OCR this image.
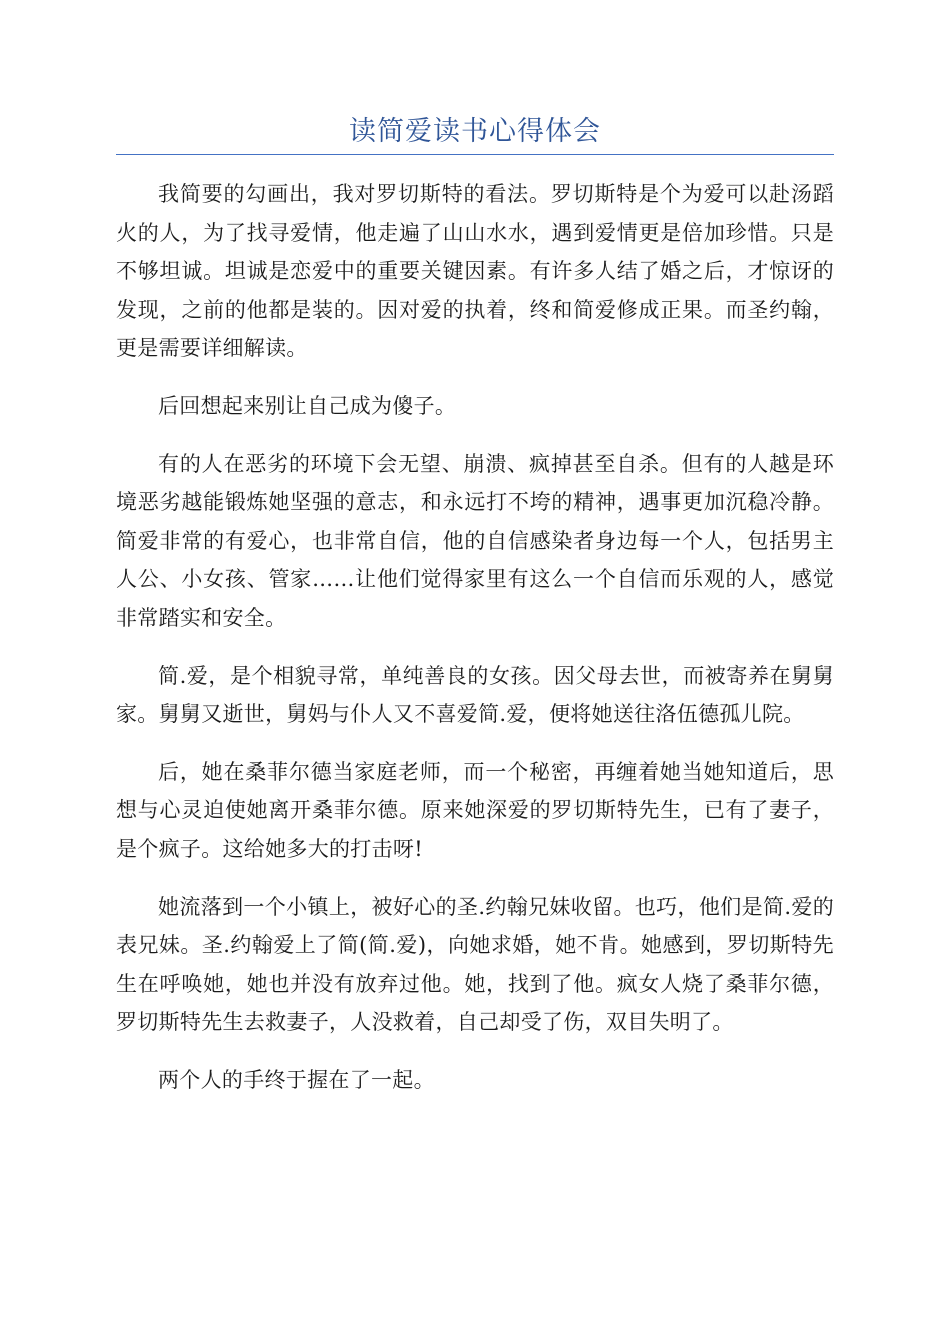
读简爱读书心得体会

我简要的勾画出，我对罗切斯特的看法。罗切斯特是个为爱可以赴汤蹈火的人，为了找寻爱情，他走遍了山山水水，遇到爱情更是倍加珍惜。只是不够坦诚。坦诚是恋爱中的重要关键因素。有许多人结了婚之后，才惊讶的发现，之前的他都是装的。因对爱的执着，终和简爱修成正果。而圣约翰，更是需要详细解读。

后回想起来别让自己成为傻子。

有的人在恶劣的环境下会无望、崩溃、疯掉甚至自杀。但有的人越是环境恶劣越能锻炼她坚强的意志，和永远打不垮的精神，遇事更加沉稳冷静。简爱非常的有爱心，也非常自信，他的自信感染者身边每一个人，包括男主人公、小女孩、管家……让他们觉得家里有这么一个自信而乐观的人，感觉非常踏实和安全。

简.爱，是个相貌寻常，单纯善良的女孩。因父母去世，而被寄养在舅舅家。舅舅又逝世，舅妈与仆人又不喜爱简.爱，便将她送往洛伍德孤儿院。

后，她在桑菲尔德当家庭老师，而一个秘密，再缠着她当她知道后，思想与心灵迫使她离开桑菲尔德。原来她深爱的罗切斯特先生，已有了妻子，是个疯子。这给她多大的打击呀!

她流落到一个小镇上，被好心的圣.约翰兄妹收留。也巧，他们是简.爱的表兄妹。圣.约翰爱上了简(简.爱)，向她求婚，她不肯。她感到，罗切斯特先生在呼唤她，她也并没有放弃过他。她，找到了他。疯女人烧了桑菲尔德，罗切斯特先生去救妻子，人没救着，自己却受了伤，双目失明了。

两个人的手终于握在了一起。
